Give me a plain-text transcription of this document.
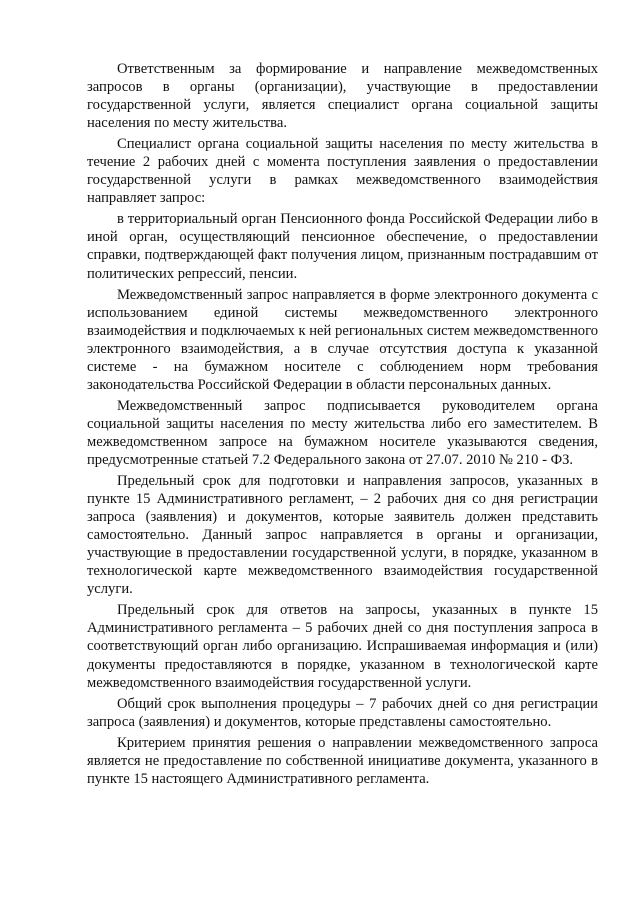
Ответственным за формирование и направление межведомственных запросов в органы (организации), участвующие в предоставлении государственной услуги, является специалист органа социальной защиты населения по месту жительства.

Специалист органа социальной защиты населения по месту жительства в течение 2 рабочих дней с момента поступления заявления о предоставлении государственной услуги в рамках межведомственного взаимодействия направляет запрос:

в территориальный орган Пенсионного фонда Российской Федерации либо в иной орган, осуществляющий пенсионное обеспечение, о предоставлении справки, подтверждающей факт получения лицом, признанным пострадавшим от политических репрессий, пенсии.

Межведомственный запрос направляется в форме электронного документа с использованием единой системы межведомственного электронного взаимодействия и подключаемых к ней региональных систем межведомственного электронного взаимодействия, а в случае отсутствия доступа к указанной системе - на бумажном носителе с соблюдением норм требования законодательства Российской Федерации в области персональных данных.

Межведомственный запрос подписывается руководителем органа социальной защиты населения по месту жительства либо его заместителем. В межведомственном запросе на бумажном носителе указываются сведения, предусмотренные статьей 7.2 Федерального закона от 27.07. 2010 № 210 - ФЗ.

Предельный срок для подготовки и направления запросов, указанных в пункте 15 Административного регламент, – 2 рабочих дня со дня регистрации запроса (заявления) и документов, которые заявитель должен представить самостоятельно. Данный запрос направляется в органы и организации, участвующие в предоставлении государственной услуги, в порядке, указанном в технологической карте межведомственного взаимодействия государственной услуги.

Предельный срок для ответов на запросы, указанных в пункте 15 Административного регламента – 5 рабочих дней со дня поступления запроса в соответствующий орган либо организацию. Испрашиваемая информация и (или) документы предоставляются в порядке, указанном в технологической карте межведомственного взаимодействия государственной услуги.

Общий срок выполнения процедуры – 7 рабочих дней со дня регистрации запроса (заявления) и документов, которые представлены самостоятельно.

Критерием принятия решения о направлении межведомственного запроса является не предоставление по собственной инициативе документа, указанного в пункте 15 настоящего Административного регламента.
